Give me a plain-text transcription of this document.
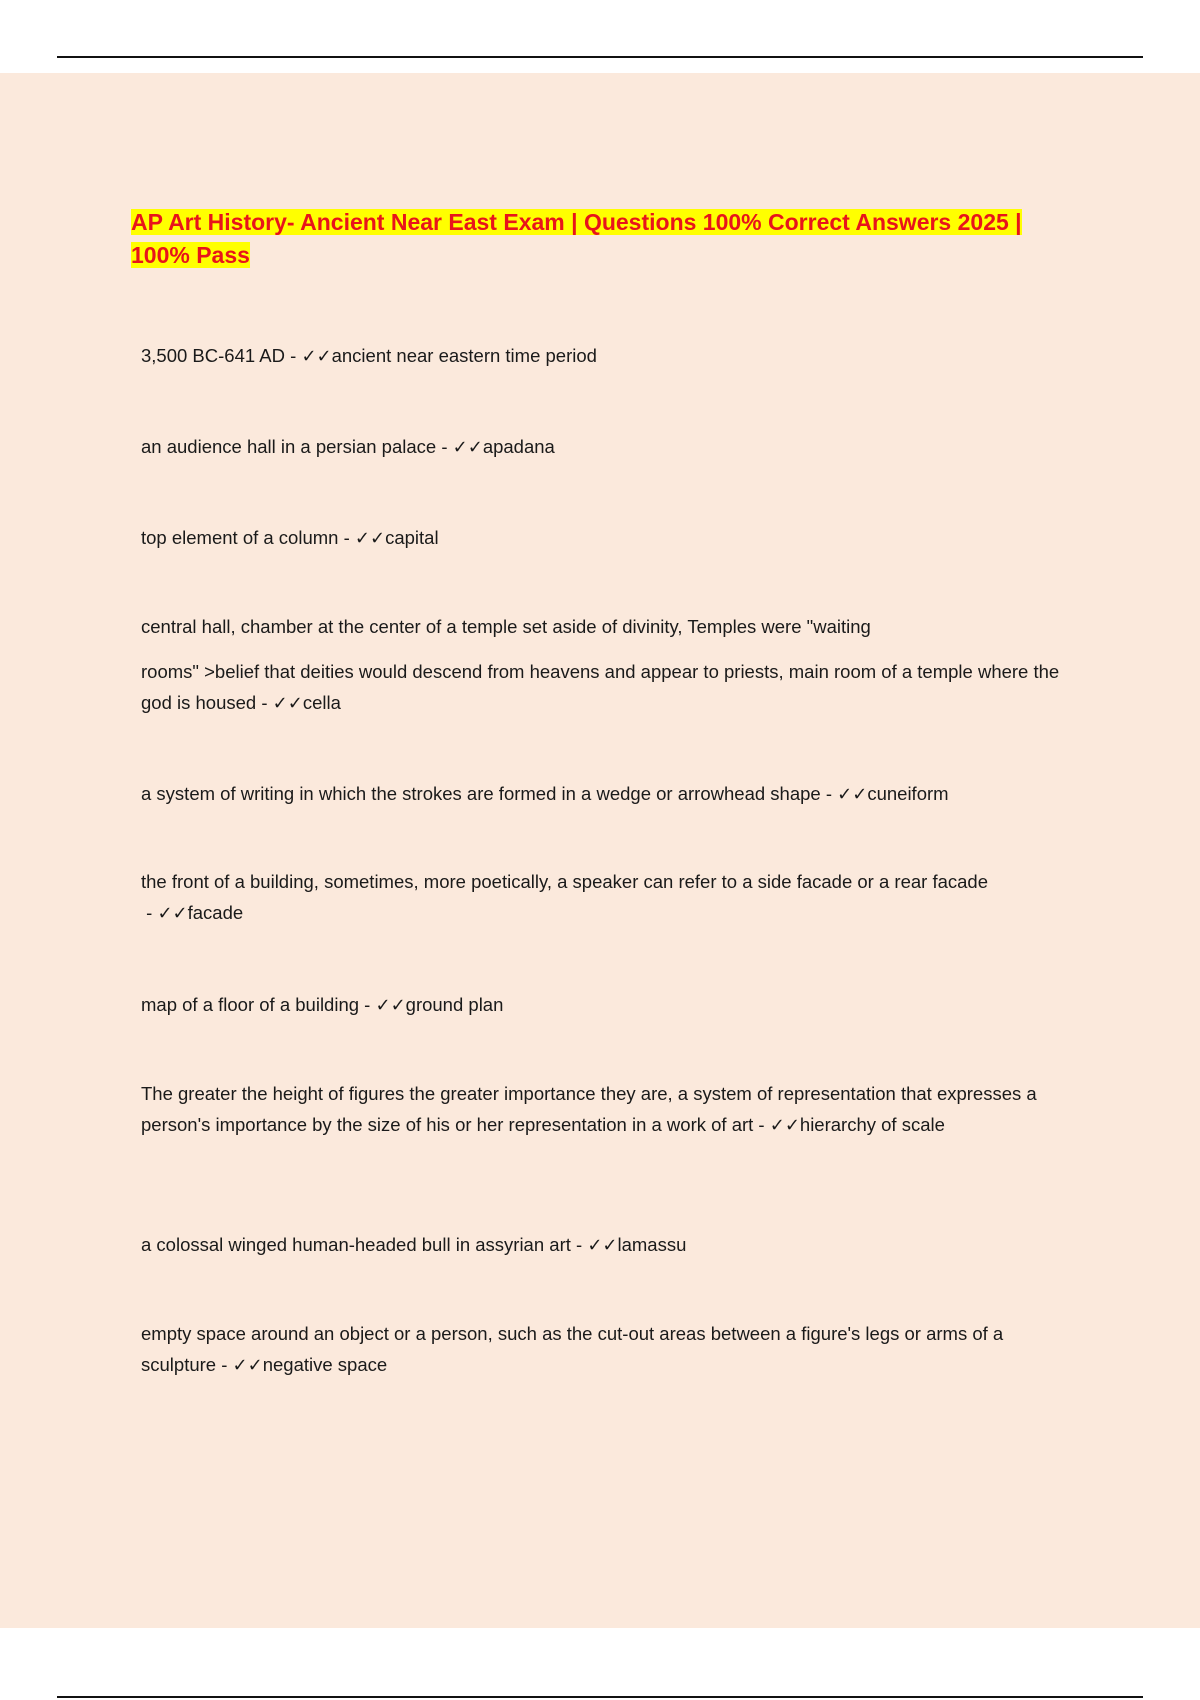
AP Art History- Ancient Near East Exam | Questions 100% Correct Answers 2025 | 100% Pass

3,500 BC-641 AD - ✓✓ancient near eastern time period

an audience hall in a persian palace - ✓✓apadana

top element of a column - ✓✓capital

central hall, chamber at the center of a temple set aside of divinity, Temples were "waiting
rooms" >belief that deities would descend from heavens and appear to priests, main room of a temple where the god is housed - ✓✓cella

a system of writing in which the strokes are formed in a wedge or arrowhead shape - ✓✓cuneiform

the front of a building, sometimes, more poetically, a speaker can refer to a side facade or a rear facade - ✓✓facade

map of a floor of a building - ✓✓ground plan

The greater the height of figures the greater importance they are, a system of representation that expresses a person's importance by the size of his or her representation in a work of art - ✓✓hierarchy of scale

a colossal winged human-headed bull in assyrian art - ✓✓lamassu

empty space around an object or a person, such as the cut-out areas between a figure's legs or arms of a sculpture - ✓✓negative space
